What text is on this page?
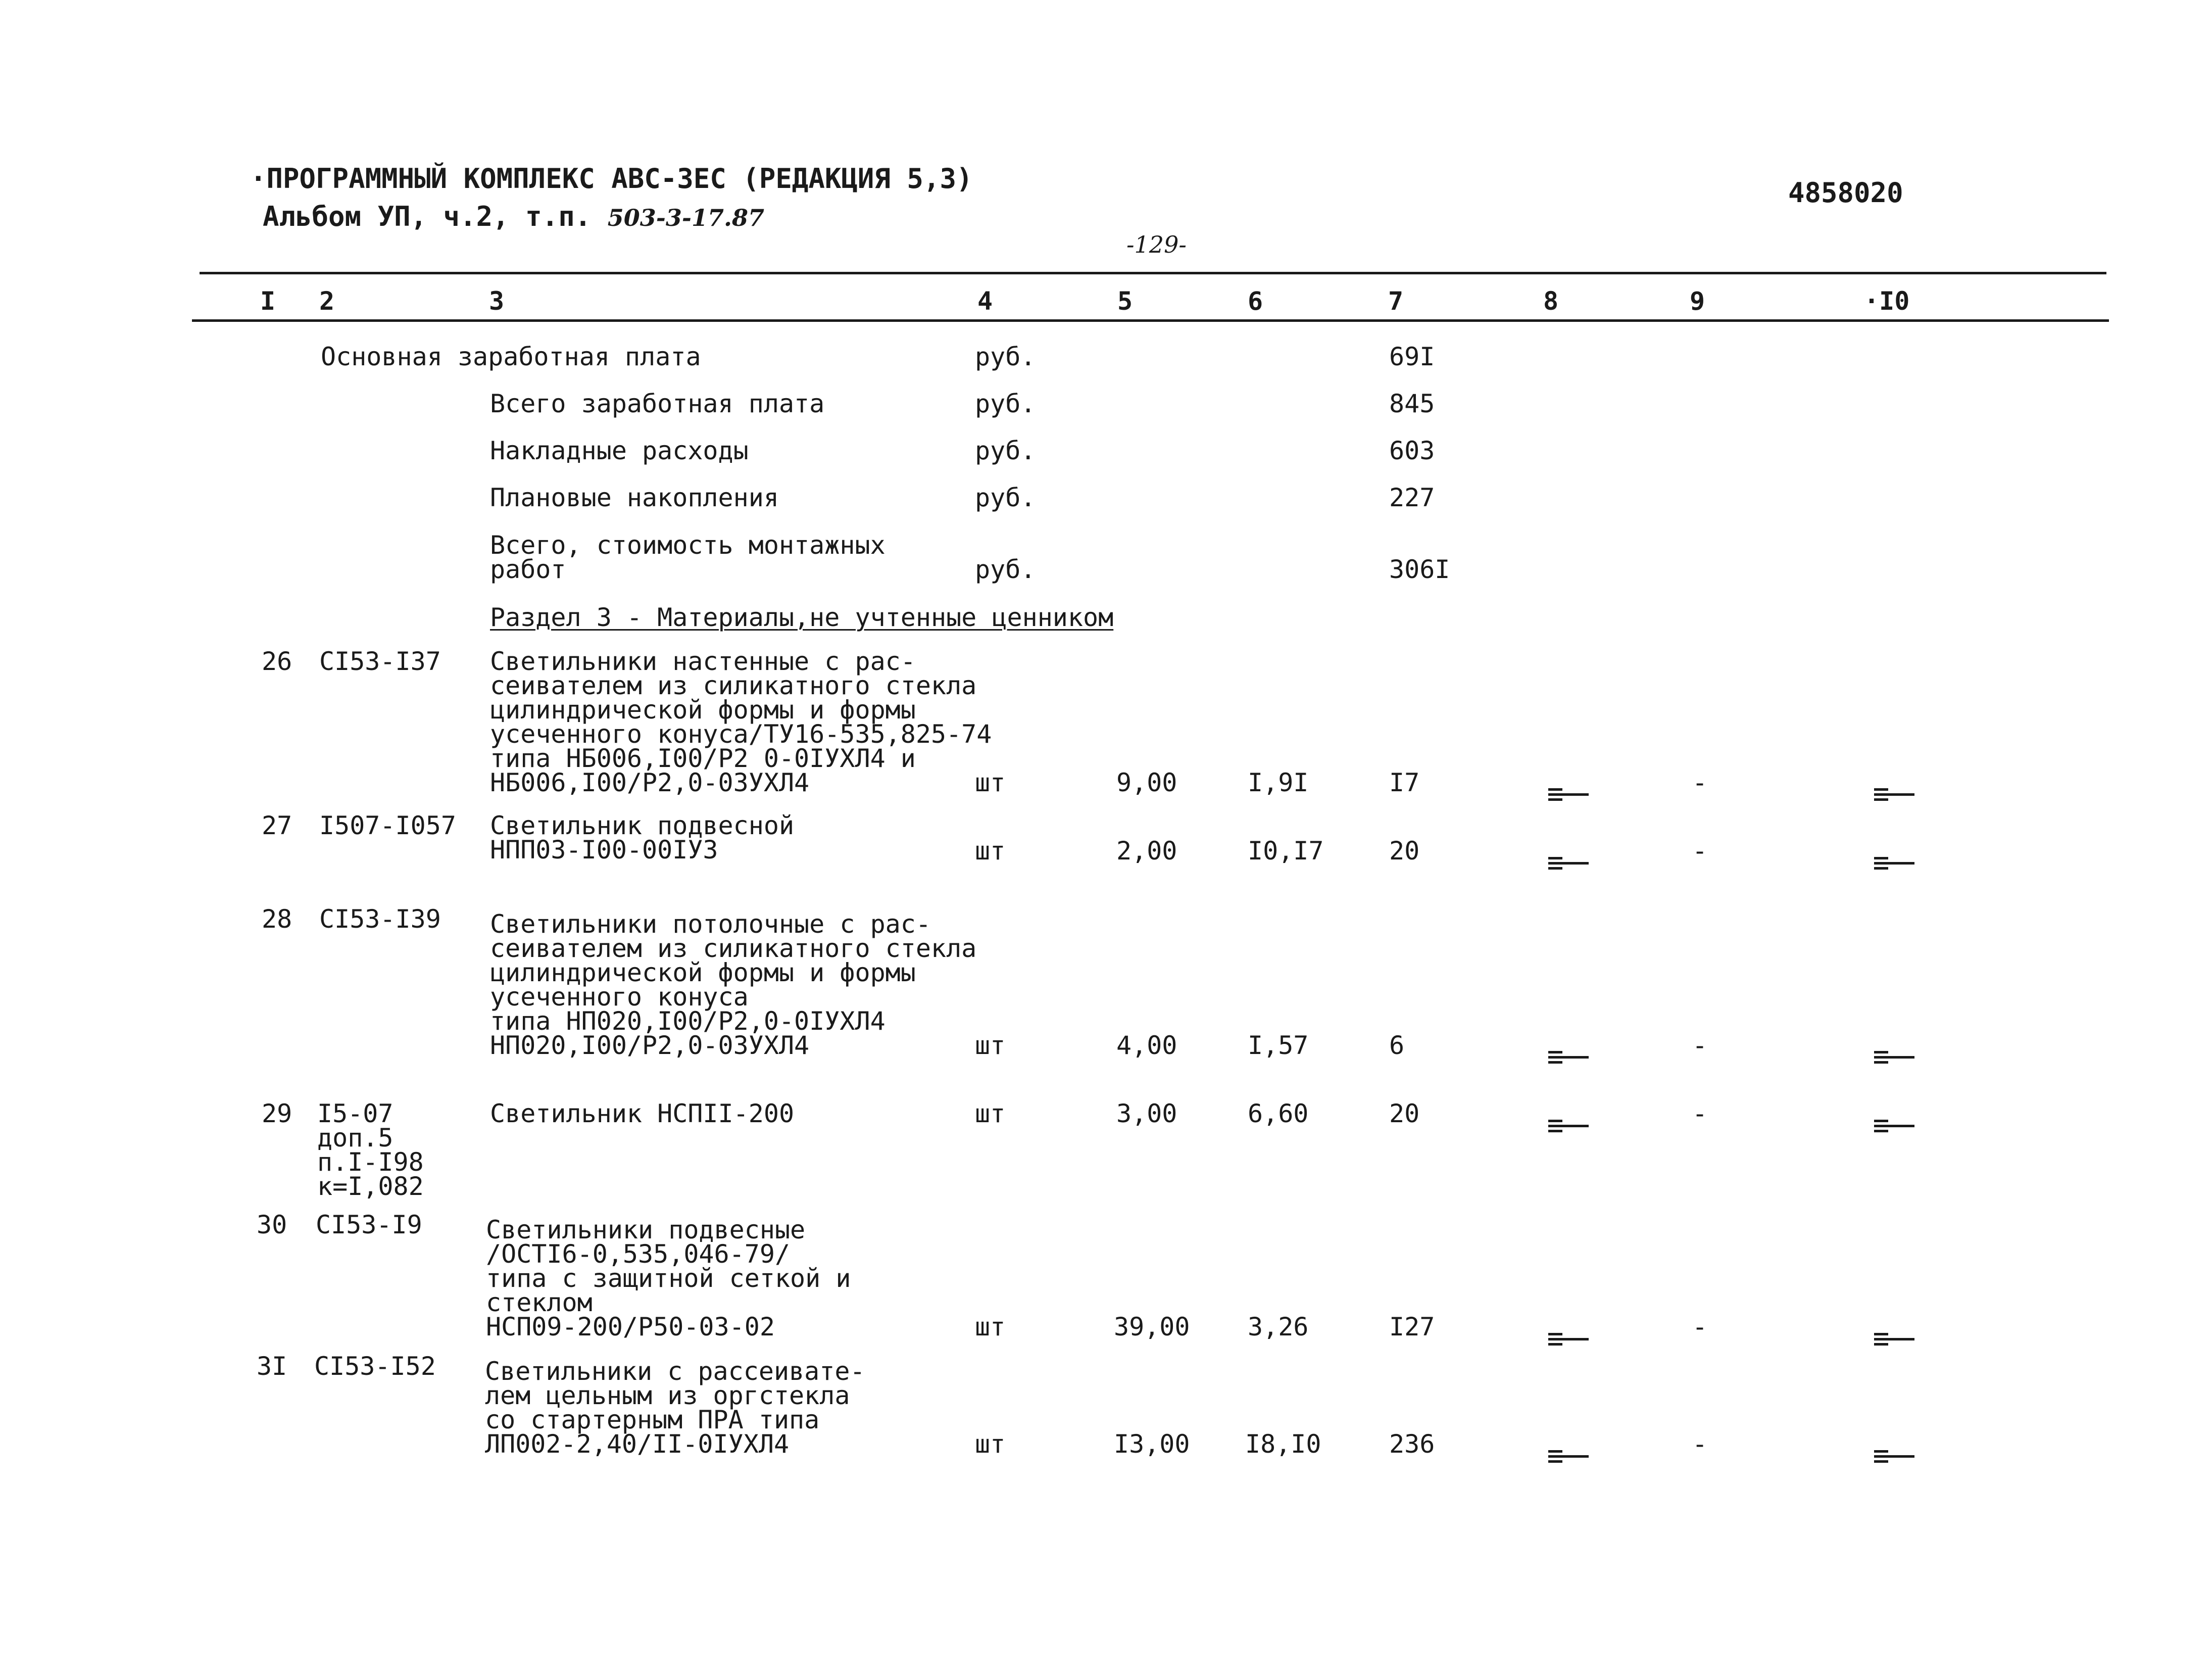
·ПРОГРАММНЫЙ КОМПЛЕКС АВС-3ЕС (РЕДАКЦИЯ 5,3)
Альбом УП, ч.2, т.п. 503-3-17.87
4858020
-129-
I 2	3	4	5	6	7	8	9	·I0
Основная заработная плата	руб.	69I
Всего заработная плата	руб.	845
Накладные расходы	руб.	603
Плановые накопления	руб.	227
Всего, стоимость монтажных
работ	руб.	306I
Раздел 3 - Материалы,не учтенные ценником
26 CI53-I37 Светильники настенные с рас-
сеивателем из силикатного стекла
цилиндрической формы и формы
усеченного конуса/ТУ16-535,825-74
типа НБ006,I00/Р2 0-0IУХЛ4 и
НБ006,I00/Р2,0-03УХЛ4	шт	9,00	I,9I	I7	-
27 I507-I057 Светильник подвесной
НПП03-I00-00IУ3	шт	2,00	I0,I7	20	-
28 CI53-I39 Светильники потолочные с рас-
сеивателем из силикатного стекла
цилиндрической формы и формы
усеченного конуса
типа НП020,I00/Р2,0-0IУХЛ4
НП020,I00/Р2,0-03УХЛ4	шт	4,00	I,57	6	-
29 I5-07
доп.5
п.I-I98
к=I,082
Светильник НСПII-200	шт	3,00	6,60	20	-
30 CI53-I9	Светильники подвесные
/ОСТI6-0,535,046-79/
типа с защитной сеткой и
стеклом
НСП09-200/Р50-03-02	шт	39,00 3,26	I27	-
3I CI53-I52 Светильники с рассеивате-
лем цельным из оргстекла
со стартерным ПРА типа
ЛП002-2,40/II-0IУХЛ4	шт	I3,00 I8,I0	236	-
